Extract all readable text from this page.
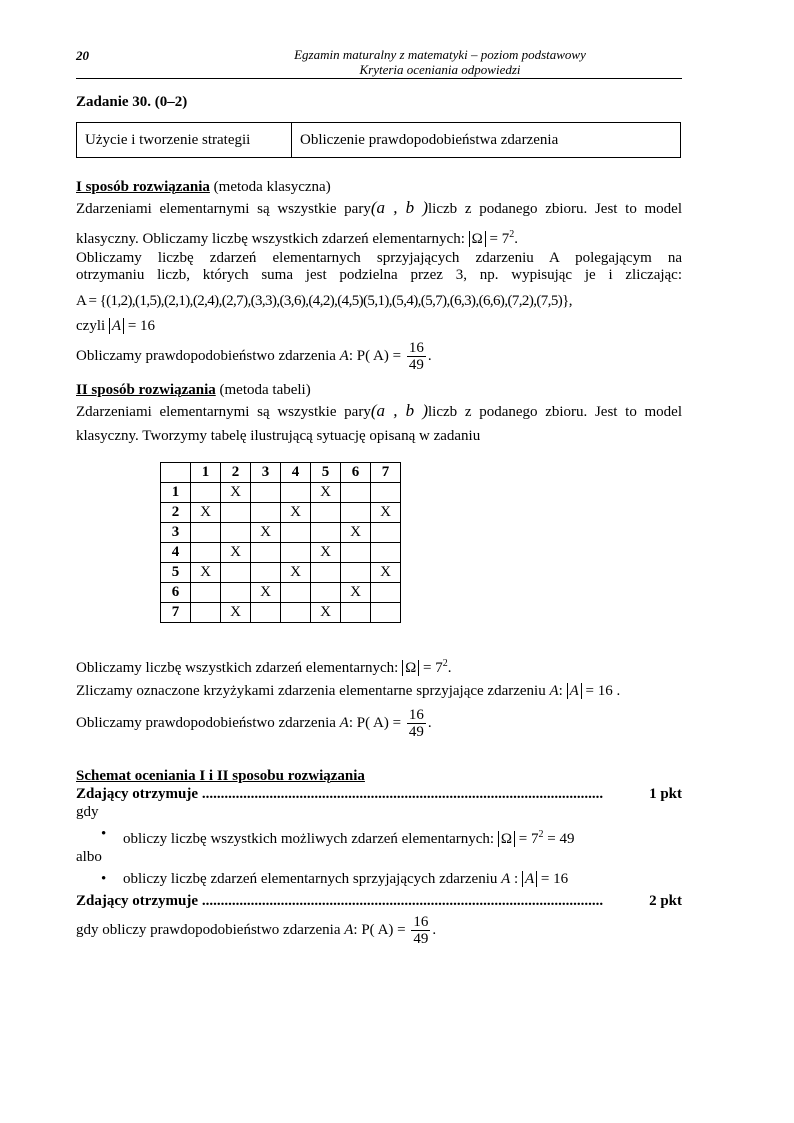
20	Egzamin maturalny z matematyki – poziom podstawowy
Kryteria oceniania odpowiedzi
Zadanie 30. (0–2)
Użycie i tworzenie strategii	Obliczenie prawdopodobieństwa zdarzenia
I sposób rozwiązania (metoda klasyczna)
Zdarzeniami elementarnymi są wszystkie pary(a , b )liczb z podanego zbioru. Jest to model
klasyczny. Obliczamy liczbę wszystkich zdarzeń elementarnych: $\Omega = 7^2$.
Obliczamy liczbę zdarzeń elementarnych sprzyjających zdarzeniu A polegającym na
otrzymaniu liczb, których suma jest podzielna przez 3, np. wypisując je i zliczając:
A = {(1,2),(1,5),(2,1),(2,4),(2,7),(3,3),(3,6),(4,2),(4,5)(5,1),(5,4),(5,7),(6,3),(6,6),(7,2),(7,5)},
czyli A = 16
Obliczamy prawdopodobieństwo zdarzenia A: P( $A) = \frac{16}{49}$ .
II sposób rozwiązania (metoda tabeli)
Zdarzeniami elementarnymi są wszystkie pary(a , b )liczb z podanego zbioru. Jest to model
klasyczny. Tworzymy tabelę ilustrującą sytuację opisaną w zadaniu
	1	2	3	4	5	6	7
1		X			X		
2	X			X			X
3			X			X	
4		X			X		
5	X			X			X
6			X			X	
7		X			X		
Obliczamy liczbę wszystkich zdarzeń elementarnych: $\Omega = 7^2$.
Zliczamy oznaczone krzyżykami zdarzenia elementarne sprzyjające zdarzeniu A: A = 16 .
Obliczamy prawdopodobieństwo zdarzenia A: P( $A) = \frac{16}{49}$ .
Schemat oceniania I i II sposobu rozwiązania
Zdający otrzymuje ...........................................................................................................	1 pkt
gdy
• obliczy liczbę wszystkich możliwych zdarzeń elementarnych: $\Omega = 7^2 = 49$
albo
• obliczy liczbę zdarzeń elementarnych sprzyjających zdarzeniu A : A = 16
Zdający otrzymuje ...........................................................................................................	2 pkt
gdy obliczy prawdopodobieństwo zdarzenia A: P( $A) = \frac{16}{49}$ .
